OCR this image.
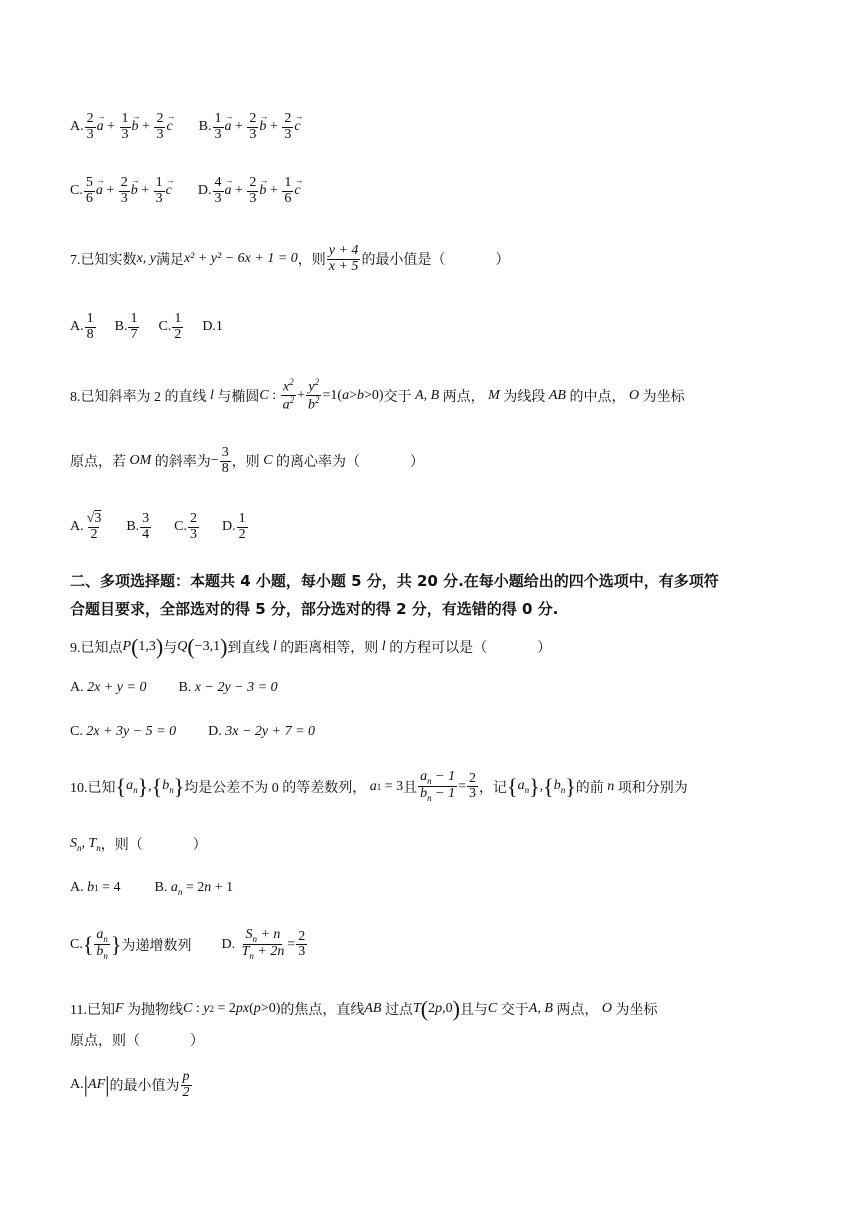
A. $\frac{2}{3} \to a + \frac{1}{3} \to b + \frac{2}{3} \to c$ B. $\frac{1}{3} \to a + \frac{2}{3} \to b + \frac{2}{3} \to c$
C. $\frac{5}{6} \to a + \frac{2}{3} \to b + \frac{1}{3} \to c$ D. $\frac{4}{3} \to a + \frac{2}{3} \to b + \frac{1}{6} \to c$
7.已知实数 x, y 满足 x² + y² − 6x + 1 = 0 ，则 $\frac{y + 4}{x + 5}$ 的最小值是（	）
A. $\frac{1}{8} B$. $\frac{1}{7} C$. $\frac{1}{2} D.1$
8.已知斜率为 2 的直线
l
与椭圆 C : $\frac{x^2}{a^2} + \frac{y^2}{b^2} =1$( a > b >0) 交于
A, B
两点，
M
为线段
AB
的中点，
O
为坐标
原点，若
OM
的斜率为 − $\frac{3}{8}$ ，则
C
的离心率为（	）
A. $\frac{√3}{2} B$. $\frac{3}{4} C$. $\frac{2}{3} D$. $\frac{1}{2}$
二、多项选择题：本题共 4 小题，每小题 5 分，共 20 分.在每小题给出的四个选项中，有多项符
合题目要求，全部选对的得 5 分，部分选对的得 2 分，有选错的得 0 分.
9.已知点 P ( 1,3 ) 与 Q ( −3,1 ) 到直线
l
的距离相等，则
l
的方程可以是（	）
A. 2x + y = 0 B. x − 2y − 3 = 0
C. 2x + 3y − 5 = 0 D. 3x − 2y + 7 = 0
10.已知 { $a_n$ } , { $b_n$ } 均是公差不为 0 的等差数列，
a 1 = 3 且 $\frac{a_n - 1}{b_n - 1} = \frac{2}{3}$ ，记 { $a_n$ } , { $b_n$ } 的前
n
项和分别为
$S_n$, $T_n$ ，则（	）
A. b 1 = 4 B. $a_n = 2$ n + 1
C. { $\frac{a_n}{b_n}$ } 为递增数列 D. $\frac{S_n + n}{T_n + 2n} = \frac{2}{3}$
11.已知 F
为抛物线 C : y 2 = 2 px ( p >0) 的焦点，直线 AB
过点 T ( 2 p ,0 ) 且与 C
交于 A, B
两点，
O
为坐标
原点，则（	）
A. | AF | 的最小值为 $\frac{p}{2}$
